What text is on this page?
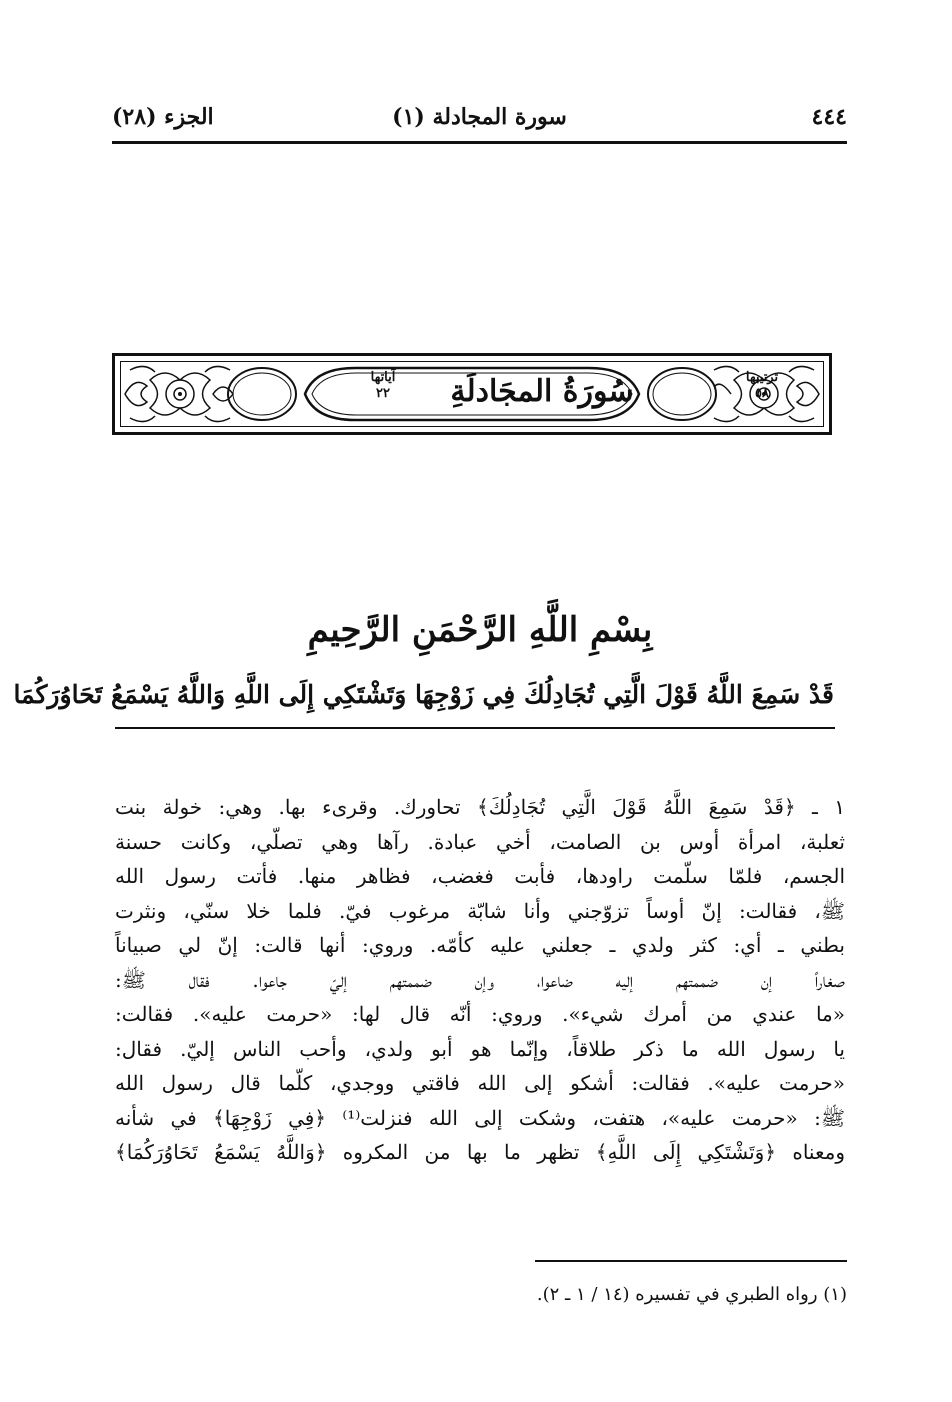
٤٤٤
سورة المجادلة (١)
الجزء (٢٨)
ترتيبها
٥٨
سُورَةُ المجَادلَةِ
آياتها
٢٢
بِسْمِ اللَّهِ الرَّحْمَنِ الرَّحِيمِ
قَدْ سَمِعَ اللَّهُ قَوْلَ الَّتِي تُجَادِلُكَ فِي زَوْجِهَا وَتَشْتَكِي إِلَى اللَّهِ وَاللَّهُ يَسْمَعُ تَحَاوُرَكُمَا

١ ـ ﴿قَدْ سَمِعَ اللَّهُ قَوْلَ الَّتِي تُجَادِلُكَ﴾ تحاورك. وقرىء بها. وهي: خولة بنت

ثعلبة، امرأة أوس بن الصامت، أخي عبادة. رآها وهي تصلّي، وكانت حسنة

الجسم، فلمّا سلّمت راودها، فأبت فغضب، فظاهر منها. فأتت رسول الله

ﷺ، فقالت: إنّ أوساً تزوّجني وأنا شابّة مرغوب فيّ. فلما خلا سنّي، ونثرت

بطني ـ أي: كثر ولدي ـ جعلني عليه كأمّه. وروي: أنها قالت: إنّ لي صبياناً

صغاراً إن ضممتهم إليه ضاعوا، وإن ضممتهم إليّ جاعوا. فقال ﷺ:

«ما عندي من أمرك شيء». وروي: أنّه قال لها: «حرمت عليه». فقالت:

يا رسول الله ما ذكر طلاقاً، وإنّما هو أبو ولدي، وأحب الناس إليّ. فقال:

«حرمت عليه». فقالت: أشكو إلى الله فاقتي ووجدي، كلّما قال رسول الله

ﷺ: «حرمت عليه»، هتفت، وشكت إلى الله فنزلت⁽¹⁾ ﴿فِي زَوْجِهَا﴾ في شأنه

ومعناه ﴿وَتَشْتَكِي إِلَى اللَّهِ﴾ تظهر ما بها من المكروه ﴿وَاللَّهُ يَسْمَعُ تَحَاوُرَكُمَا﴾

(١) رواه الطبري في تفسيره (١٤ / ١ ـ ٢).
